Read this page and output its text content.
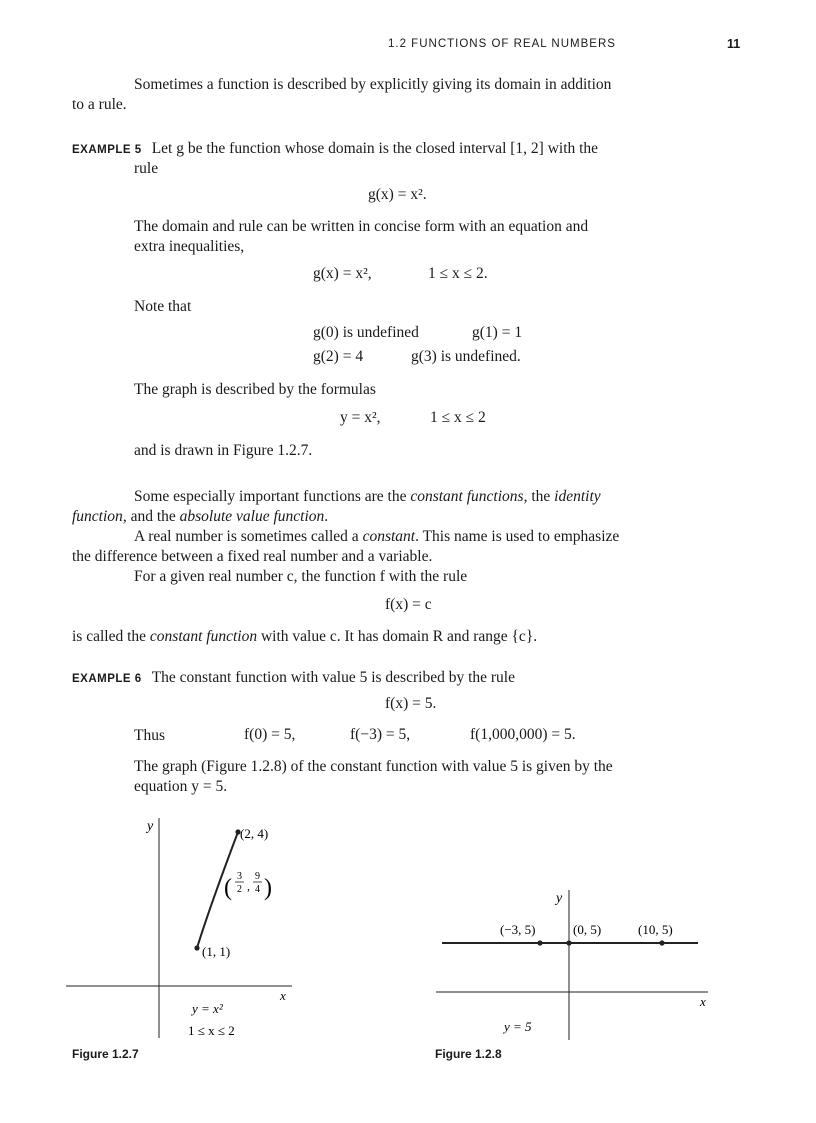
1.2 FUNCTIONS OF REAL NUMBERS	11
Sometimes a function is described by explicitly giving its domain in addition
to a rule.
EXAMPLE 5 Let g be the function whose domain is the closed interval [1, 2] with the
rule
g(x) = x².
The domain and rule can be written in concise form with an equation and
extra inequalities,
g(x) = x²,	1 ≤ x ≤ 2.
Note that
g(0) is undefined	g(1) = 1
g(2) = 4	g(3) is undefined.
The graph is described by the formulas
y = x²,	1 ≤ x ≤ 2
and is drawn in Figure 1.2.7.
Some especially important functions are the constant functions, the identity
function, and the absolute value function.
A real number is sometimes called a constant. This name is used to emphasize
the difference between a fixed real number and a variable.
For a given real number c, the function f with the rule
f(x) = c
is called the constant function with value c. It has domain R and range {c}.
EXAMPLE 6 The constant function with value 5 is described by the rule
f(x) = 5.
Thus	f(0) = 5,	f(−3) = 5,	f(1,000,000) = 5.
The graph (Figure 1.2.8) of the constant function with value 5 is given by the
equation y = 5.
y
x
(2, 4)
(1, 1)
( 3
2 ,
9
4 )
y = x²
1 ≤ x ≤ 2
Figure 1.2.7
y
x
(−3, 5)	(0, 5)	(10, 5)
y = 5
Figure 1.2.8
